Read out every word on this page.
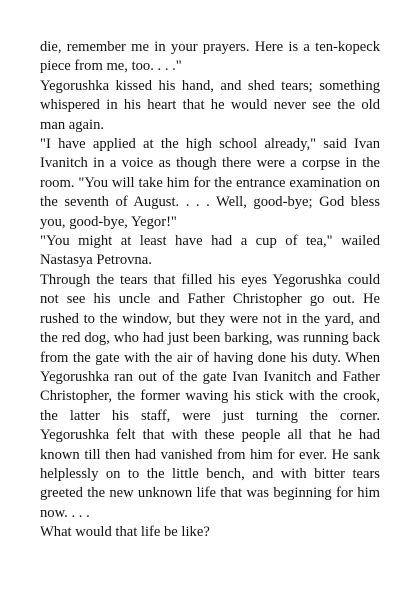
die, remember me in your prayers. Here is a ten-kopeck piece from me, too. . . ."

Yegorushka kissed his hand, and shed tears; something whispered in his heart that he would never see the old man again.

"I have applied at the high school already," said Ivan Ivanitch in a voice as though there were a corpse in the room. "You will take him for the entrance examination on the seventh of August. . . . Well, good-bye; God bless you, good-bye, Yegor!"

"You might at least have had a cup of tea," wailed Nastasya Petrovna.

Through the tears that filled his eyes Yegorushka could not see his uncle and Father Christopher go out. He rushed to the window, but they were not in the yard, and the red dog, who had just been barking, was running back from the gate with the air of having done his duty. When Yegorushka ran out of the gate Ivan Ivanitch and Father Christopher, the former waving his stick with the crook, the latter his staff, were just turning the corner. Yegorushka felt that with these people all that he had known till then had vanished from him for ever. He sank helplessly on to the little bench, and with bitter tears greeted the new unknown life that was beginning for him now. . . .

What would that life be like?
